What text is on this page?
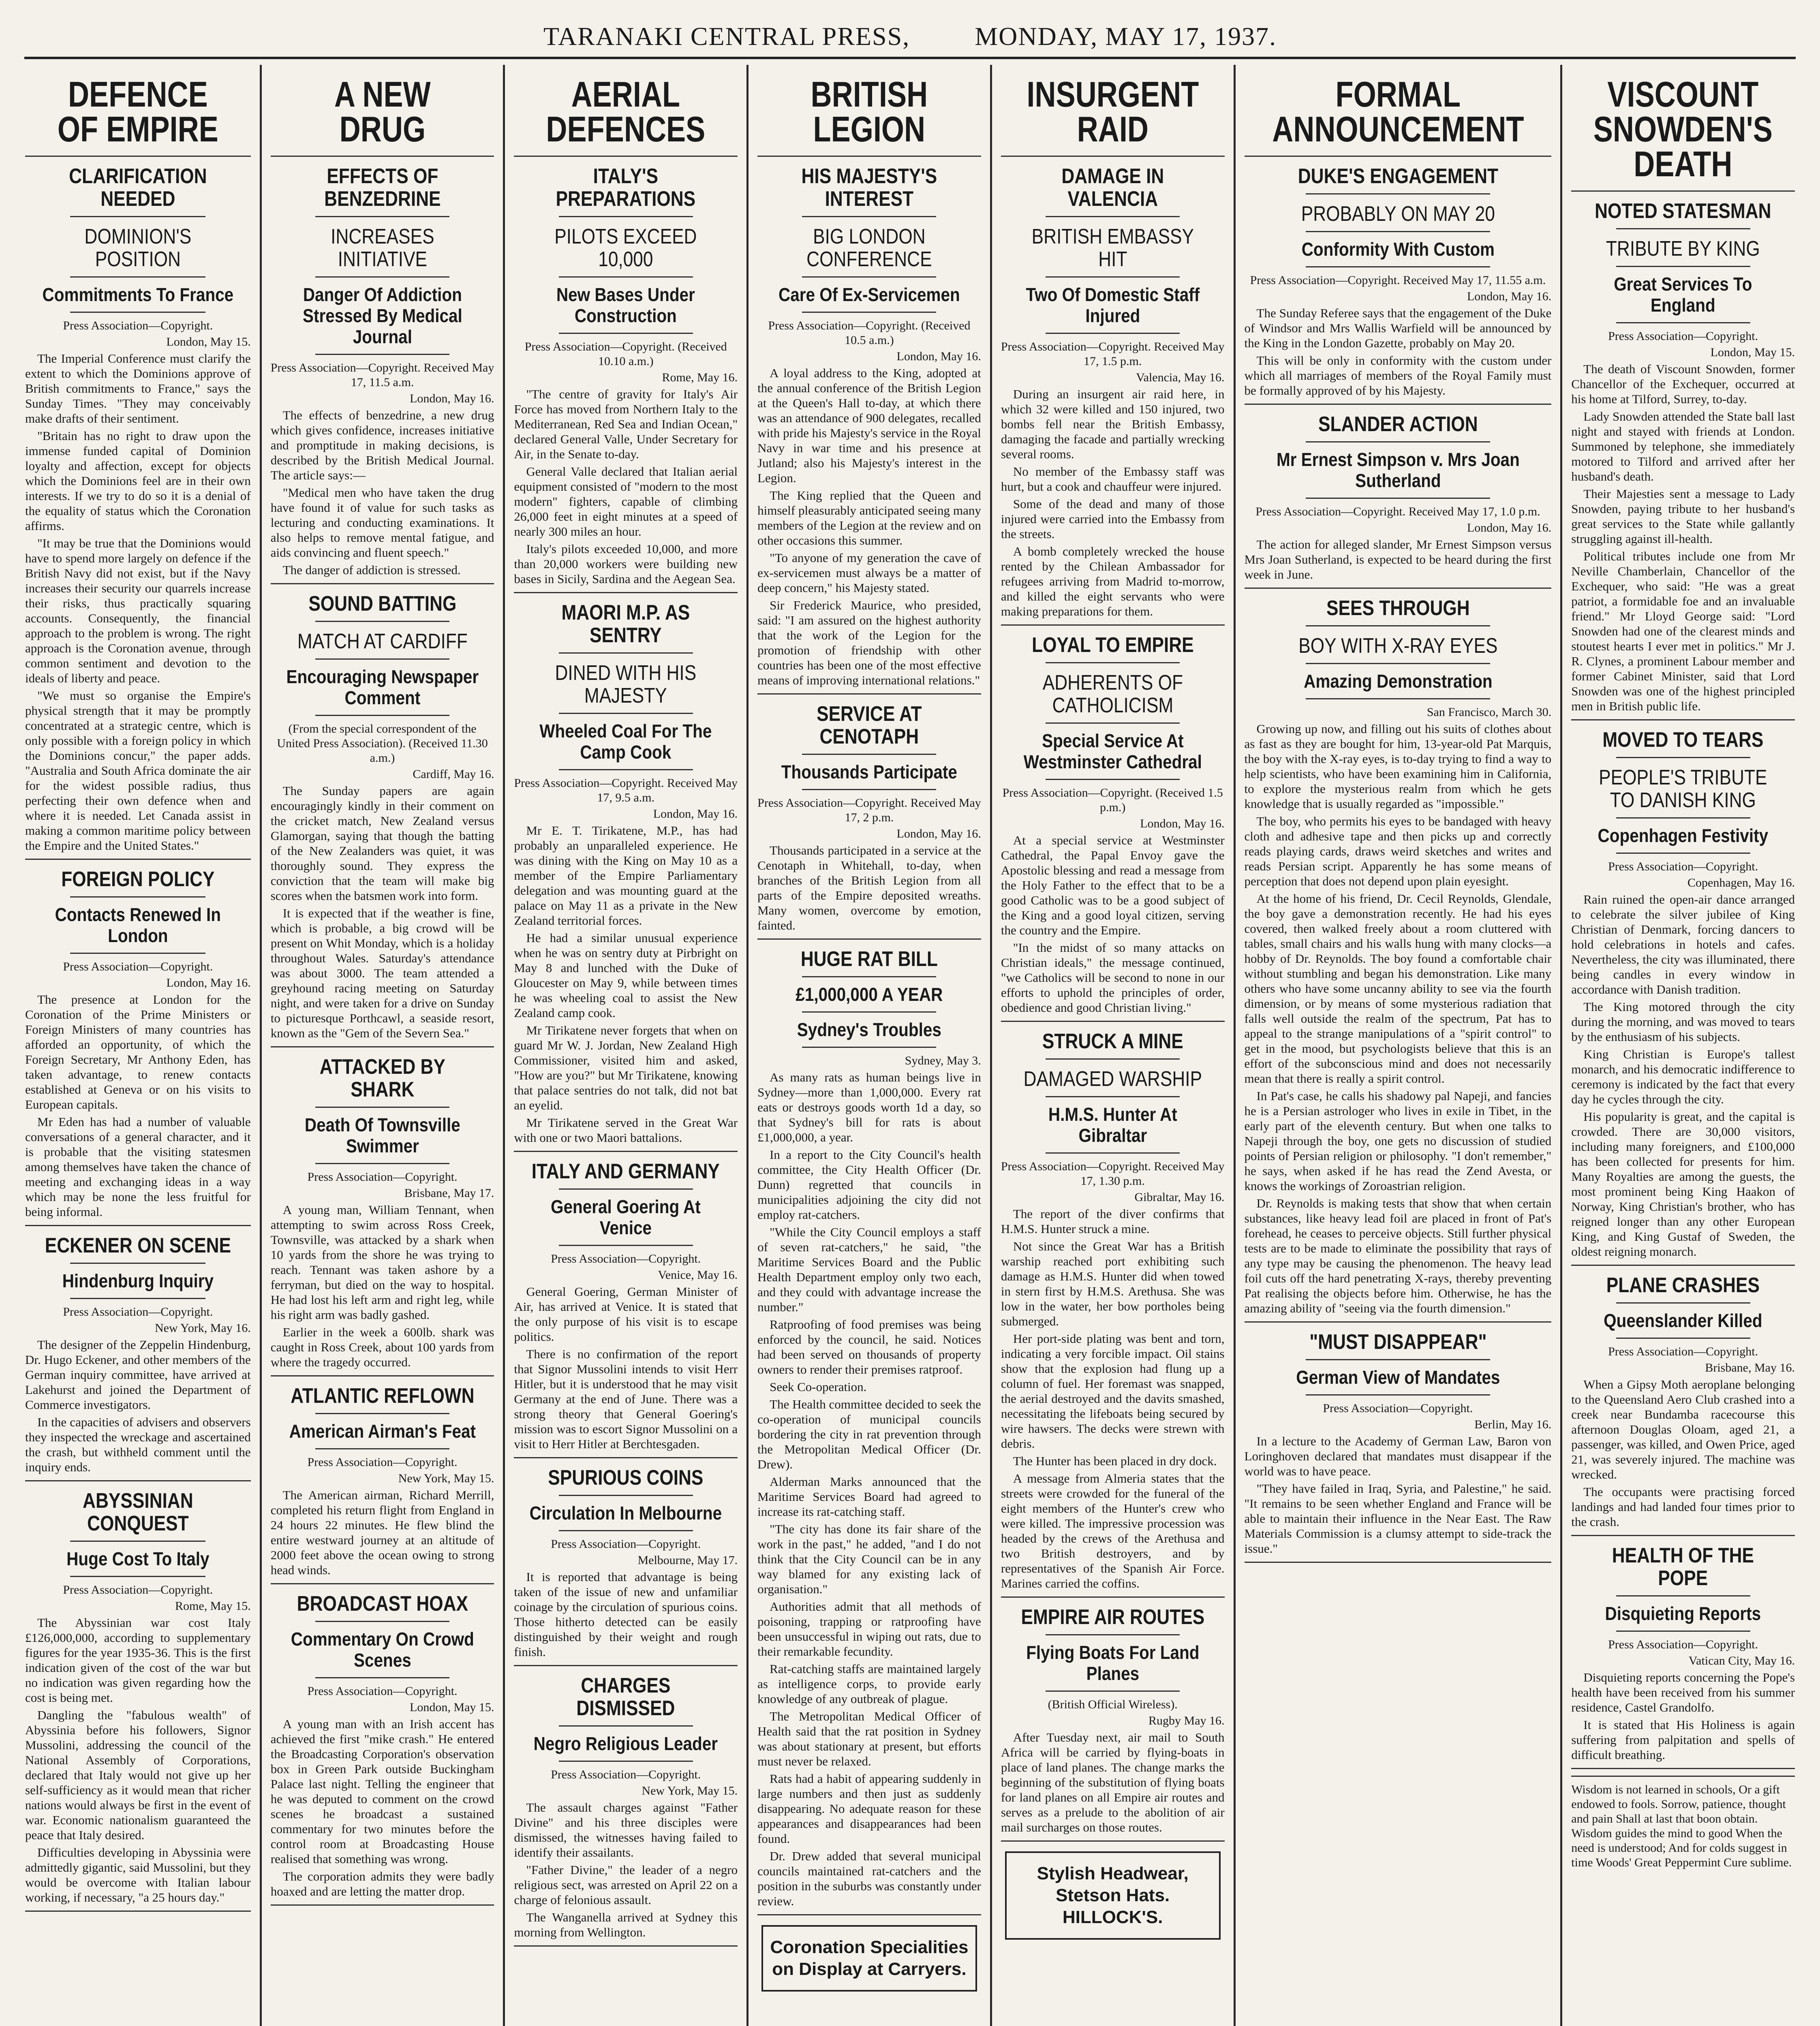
TARANAKI CENTRAL PRESS,	MONDAY, MAY 17, 1937.
DEFENCE OF EMPIRE
CLARIFICATION NEEDED
DOMINION'S POSITION
Commitments To France
Press Association—Copyright.
London, May 15.

The Imperial Conference must clarify the extent to which the Dominions approve of British commitments to France," says the Sunday Times. "They may conceivably make drafts of their sentiment.

"Britain has no right to draw upon the immense funded capital of Dominion loyalty and affection, except for objects which the Dominions feel are in their own interests. If we try to do so it is a denial of the equality of status which the Coronation affirms.

"It may be true that the Dominions would have to spend more largely on defence if the British Navy did not exist, but if the Navy increases their security our quarrels increase their risks, thus practically squaring accounts. Consequently, the financial approach to the problem is wrong. The right approach is the Coronation avenue, through common sentiment and devotion to the ideals of liberty and peace.

"We must so organise the Empire's physical strength that it may be promptly concentrated at a strategic centre, which is only possible with a foreign policy in which the Dominions concur," the paper adds. "Australia and South Africa dominate the air for the widest possible radius, thus perfecting their own defence when and where it is needed. Let Canada assist in making a common maritime policy between the Empire and the United States."

FOREIGN POLICY
Contacts Renewed In London
Press Association—Copyright.
London, May 16.

The presence at London for the Coronation of the Prime Ministers or Foreign Ministers of many countries has afforded an opportunity, of which the Foreign Secretary, Mr Anthony Eden, has taken advantage, to renew contacts established at Geneva or on his visits to European capitals.

Mr Eden has had a number of valuable conversations of a general character, and it is probable that the visiting statesmen among themselves have taken the chance of meeting and exchanging ideas in a way which may be none the less fruitful for being informal.

ECKENER ON SCENE
Hindenburg Inquiry
Press Association—Copyright.
New York, May 16.

The designer of the Zeppelin Hindenburg, Dr. Hugo Eckener, and other members of the German inquiry committee, have arrived at Lakehurst and joined the Department of Commerce investigators.

In the capacities of advisers and observers they inspected the wreckage and ascertained the crash, but withheld comment until the inquiry ends.

ABYSSINIAN CONQUEST
Huge Cost To Italy
Press Association—Copyright.
Rome, May 15.

The Abyssinian war cost Italy £126,000,000, according to supplementary figures for the year 1935-36. This is the first indication given of the cost of the war but no indication was given regarding how the cost is being met.

Dangling the "fabulous wealth" of Abyssinia before his followers, Signor Mussolini, addressing the council of the National Assembly of Corporations, declared that Italy would not give up her self-sufficiency as it would mean that richer nations would always be first in the event of war. Economic nationalism guaranteed the peace that Italy desired.

Difficulties developing in Abyssinia were admittedly gigantic, said Mussolini, but they would be overcome with Italian labour working, if necessary, "a 25 hours day."

A NEW DRUG
EFFECTS OF BENZEDRINE
INCREASES INITIATIVE
Danger Of Addiction Stressed By Medical Journal
Press Association—Copyright. Received May 17, 11.5 a.m.
London, May 16.

The effects of benzedrine, a new drug which gives confidence, increases initiative and promptitude in making decisions, is described by the British Medical Journal. The article says:—

"Medical men who have taken the drug have found it of value for such tasks as lecturing and conducting examinations. It also helps to remove mental fatigue, and aids convincing and fluent speech."

The danger of addiction is stressed.

SOUND BATTING
MATCH AT CARDIFF
Encouraging Newspaper Comment
(From the special correspondent of the United Press Association). (Received 11.30 a.m.)
Cardiff, May 16.

The Sunday papers are again encouragingly kindly in their comment on the cricket match, New Zealand versus Glamorgan, saying that though the batting of the New Zealanders was quiet, it was thoroughly sound. They express the conviction that the team will make big scores when the batsmen work into form.

It is expected that if the weather is fine, which is probable, a big crowd will be present on Whit Monday, which is a holiday throughout Wales. Saturday's attendance was about 3000. The team attended a greyhound racing meeting on Saturday night, and were taken for a drive on Sunday to picturesque Porthcawl, a seaside resort, known as the "Gem of the Severn Sea."

ATTACKED BY SHARK
Death Of Townsville Swimmer
Press Association—Copyright.
Brisbane, May 17.

A young man, William Tennant, when attempting to swim across Ross Creek, Townsville, was attacked by a shark when 10 yards from the shore he was trying to reach. Tennant was taken ashore by a ferryman, but died on the way to hospital. He had lost his left arm and right leg, while his right arm was badly gashed.

Earlier in the week a 600lb. shark was caught in Ross Creek, about 100 yards from where the tragedy occurred.

ATLANTIC REFLOWN
American Airman's Feat
Press Association—Copyright.
New York, May 15.

The American airman, Richard Merrill, completed his return flight from England in 24 hours 22 minutes. He flew blind the entire westward journey at an altitude of 2000 feet above the ocean owing to strong head winds.

BROADCAST HOAX
Commentary On Crowd Scenes
Press Association—Copyright.
London, May 15.

A young man with an Irish accent has achieved the first "mike crash." He entered the Broadcasting Corporation's observation box in Green Park outside Buckingham Palace last night. Telling the engineer that he was deputed to comment on the crowd scenes he broadcast a sustained commentary for two minutes before the control room at Broadcasting House realised that something was wrong.

The corporation admits they were badly hoaxed and are letting the matter drop.

AERIAL DEFENCES
ITALY'S PREPARATIONS
PILOTS EXCEED 10,000
New Bases Under Construction
Press Association—Copyright. (Received 10.10 a.m.)
Rome, May 16.

"The centre of gravity for Italy's Air Force has moved from Northern Italy to the Mediterranean, Red Sea and Indian Ocean," declared General Valle, Under Secretary for Air, in the Senate to-day.

General Valle declared that Italian aerial equipment consisted of "modern to the most modern" fighters, capable of climbing 26,000 feet in eight minutes at a speed of nearly 300 miles an hour.

Italy's pilots exceeded 10,000, and more than 20,000 workers were building new bases in Sicily, Sardina and the Aegean Sea.

MAORI M.P. AS SENTRY
DINED WITH HIS MAJESTY
Wheeled Coal For The Camp Cook
Press Association—Copyright. Received May 17, 9.5 a.m.
London, May 16.

Mr E. T. Tirikatene, M.P., has had probably an unparalleled experience. He was dining with the King on May 10 as a member of the Empire Parliamentary delegation and was mounting guard at the palace on May 11 as a private in the New Zealand territorial forces.

He had a similar unusual experience when he was on sentry duty at Pirbright on May 8 and lunched with the Duke of Gloucester on May 9, while between times he was wheeling coal to assist the New Zealand camp cook.

Mr Tirikatene never forgets that when on guard Mr W. J. Jordan, New Zealand High Commissioner, visited him and asked, "How are you?" but Mr Tirikatene, knowing that palace sentries do not talk, did not bat an eyelid.

Mr Tirikatene served in the Great War with one or two Maori battalions.

ITALY AND GERMANY
General Goering At Venice
Press Association—Copyright.
Venice, May 16.

General Goering, German Minister of Air, has arrived at Venice. It is stated that the only purpose of his visit is to escape politics.

There is no confirmation of the report that Signor Mussolini intends to visit Herr Hitler, but it is understood that he may visit Germany at the end of June. There was a strong theory that General Goering's mission was to escort Signor Mussolini on a visit to Herr Hitler at Berchtesgaden.

SPURIOUS COINS
Circulation In Melbourne
Press Association—Copyright.
Melbourne, May 17.

It is reported that advantage is being taken of the issue of new and unfamiliar coinage by the circulation of spurious coins. Those hitherto detected can be easily distinguished by their weight and rough finish.

CHARGES DISMISSED
Negro Religious Leader
Press Association—Copyright.
New York, May 15.

The assault charges against "Father Divine" and his three disciples were dismissed, the witnesses having failed to identify their assailants.

"Father Divine," the leader of a negro religious sect, was arrested on April 22 on a charge of felonious assault.

The Wanganella arrived at Sydney this morning from Wellington.

BRITISH LEGION
HIS MAJESTY'S INTEREST
BIG LONDON CONFERENCE
Care Of Ex-Servicemen
Press Association—Copyright. (Received 10.5 a.m.)
London, May 16.

A loyal address to the King, adopted at the annual conference of the British Legion at the Queen's Hall to-day, at which there was an attendance of 900 delegates, recalled with pride his Majesty's service in the Royal Navy in war time and his presence at Jutland; also his Majesty's interest in the Legion.

The King replied that the Queen and himself pleasurably anticipated seeing many members of the Legion at the review and on other occasions this summer.

"To anyone of my generation the cave of ex-servicemen must always be a matter of deep concern," his Majesty stated.

Sir Frederick Maurice, who presided, said: "I am assured on the highest authority that the work of the Legion for the promotion of friendship with other countries has been one of the most effective means of improving international relations."

SERVICE AT CENOTAPH
Thousands Participate
Press Association—Copyright. Received May 17, 2 p.m.
London, May 16.

Thousands participated in a service at the Cenotaph in Whitehall, to-day, when branches of the British Legion from all parts of the Empire deposited wreaths. Many women, overcome by emotion, fainted.

HUGE RAT BILL
£1,000,000 A YEAR
Sydney's Troubles
Sydney, May 3.

As many rats as human beings live in Sydney—more than 1,000,000. Every rat eats or destroys goods worth 1d a day, so that Sydney's bill for rats is about £1,000,000, a year.

In a report to the City Council's health committee, the City Health Officer (Dr. Dunn) regretted that councils in municipalities adjoining the city did not employ rat-catchers.

"While the City Council employs a staff of seven rat-catchers," he said, "the Maritime Services Board and the Public Health Department employ only two each, and they could with advantage increase the number."

Ratproofing of food premises was being enforced by the council, he said. Notices had been served on thousands of property owners to render their premises ratproof.

Seek Co-operation.

The Health committee decided to seek the co-operation of municipal councils bordering the city in rat prevention through the Metropolitan Medical Officer (Dr. Drew).

Alderman Marks announced that the Maritime Services Board had agreed to increase its rat-catching staff.

"The city has done its fair share of the work in the past," he added, "and I do not think that the City Council can be in any way blamed for any existing lack of organisation."

Authorities admit that all methods of poisoning, trapping or ratproofing have been unsuccessful in wiping out rats, due to their remarkable fecundity.

Rat-catching staffs are maintained largely as intelligence corps, to provide early knowledge of any outbreak of plague.

The Metropolitan Medical Officer of Health said that the rat position in Sydney was about stationary at present, but efforts must never be relaxed.

Rats had a habit of appearing suddenly in large numbers and then just as suddenly disappearing. No adequate reason for these appearances and disappearances had been found.

Dr. Drew added that several municipal councils maintained rat-catchers and the position in the suburbs was constantly under review.

Coronation Specialities on Display at Carryers.
INSURGENT RAID
DAMAGE IN VALENCIA
BRITISH EMBASSY HIT
Two Of Domestic Staff Injured
Press Association—Copyright. Received May 17, 1.5 p.m.
Valencia, May 16.

During an insurgent air raid here, in which 32 were killed and 150 injured, two bombs fell near the British Embassy, damaging the facade and partially wrecking several rooms.

No member of the Embassy staff was hurt, but a cook and chauffeur were injured.

Some of the dead and many of those injured were carried into the Embassy from the streets.

A bomb completely wrecked the house rented by the Chilean Ambassador for refugees arriving from Madrid to-morrow, and killed the eight servants who were making preparations for them.

LOYAL TO EMPIRE
ADHERENTS OF CATHOLICISM
Special Service At Westminster Cathedral
Press Association—Copyright. (Received 1.5 p.m.)
London, May 16.

At a special service at Westminster Cathedral, the Papal Envoy gave the Apostolic blessing and read a message from the Holy Father to the effect that to be a good Catholic was to be a good subject of the King and a good loyal citizen, serving the country and the Empire.

"In the midst of so many attacks on Christian ideals," the message continued, "we Catholics will be second to none in our efforts to uphold the principles of order, obedience and good Christian living."

STRUCK A MINE
DAMAGED WARSHIP
H.M.S. Hunter At Gibraltar
Press Association—Copyright. Received May 17, 1.30 p.m.
Gibraltar, May 16.

The report of the diver confirms that H.M.S. Hunter struck a mine.

Not since the Great War has a British warship reached port exhibiting such damage as H.M.S. Hunter did when towed in stern first by H.M.S. Arethusa. She was low in the water, her bow portholes being submerged.

Her port-side plating was bent and torn, indicating a very forcible impact. Oil stains show that the explosion had flung up a column of fuel. Her foremast was snapped, the aerial destroyed and the davits smashed, necessitating the lifeboats being secured by wire hawsers. The decks were strewn with debris.

The Hunter has been placed in dry dock.

A message from Almeria states that the streets were crowded for the funeral of the eight members of the Hunter's crew who were killed. The impressive procession was headed by the crews of the Arethusa and two British destroyers, and by representatives of the Spanish Air Force. Marines carried the coffins.

EMPIRE AIR ROUTES
Flying Boats For Land Planes
(British Official Wireless).
Rugby May 16.

After Tuesday next, air mail to South Africa will be carried by flying-boats in place of land planes. The change marks the beginning of the substitution of flying boats for land planes on all Empire air routes and serves as a prelude to the abolition of air mail surcharges on those routes.

Stylish Headwear, Stetson Hats. HILLOCK'S.
FORMAL ANNOUNCEMENT
DUKE'S ENGAGEMENT
PROBABLY ON MAY 20
Conformity With Custom
Press Association—Copyright. Received May 17, 11.55 a.m.
London, May 16.

The Sunday Referee says that the engagement of the Duke of Windsor and Mrs Wallis Warfield will be announced by the King in the London Gazette, probably on May 20.

This will be only in conformity with the custom under which all marriages of members of the Royal Family must be formally approved of by his Majesty.

SLANDER ACTION
Mr Ernest Simpson v. Mrs Joan Sutherland
Press Association—Copyright. Received May 17, 1.0 p.m.
London, May 16.

The action for alleged slander, Mr Ernest Simpson versus Mrs Joan Sutherland, is expected to be heard during the first week in June.

SEES THROUGH
BOY WITH X-RAY EYES
Amazing Demonstration
San Francisco, March 30.

Growing up now, and filling out his suits of clothes about as fast as they are bought for him, 13-year-old Pat Marquis, the boy with the X-ray eyes, is to-day trying to find a way to help scientists, who have been examining him in California, to explore the mysterious realm from which he gets knowledge that is usually regarded as "impossible."

The boy, who permits his eyes to be bandaged with heavy cloth and adhesive tape and then picks up and correctly reads playing cards, draws weird sketches and writes and reads Persian script. Apparently he has some means of perception that does not depend upon plain eyesight.

At the home of his friend, Dr. Cecil Reynolds, Glendale, the boy gave a demonstration recently. He had his eyes covered, then walked freely about a room cluttered with tables, small chairs and his walls hung with many clocks—a hobby of Dr. Reynolds. The boy found a comfortable chair without stumbling and began his demonstration. Like many others who have some uncanny ability to see via the fourth dimension, or by means of some mysterious radiation that falls well outside the realm of the spectrum, Pat has to appeal to the strange manipulations of a "spirit control" to get in the mood, but psychologists believe that this is an effort of the subconscious mind and does not necessarily mean that there is really a spirit control.

In Pat's case, he calls his shadowy pal Napeji, and fancies he is a Persian astrologer who lives in exile in Tibet, in the early part of the eleventh century. But when one talks to Napeji through the boy, one gets no discussion of studied points of Persian religion or philosophy. "I don't remember," he says, when asked if he has read the Zend Avesta, or knows the workings of Zoroastrian religion.

Dr. Reynolds is making tests that show that when certain substances, like heavy lead foil are placed in front of Pat's forehead, he ceases to perceive objects. Still further physical tests are to be made to eliminate the possibility that rays of any type may be causing the phenomenon. The heavy lead foil cuts off the hard penetrating X-rays, thereby preventing Pat realising the objects before him. Otherwise, he has the amazing ability of "seeing via the fourth dimension."

"MUST DISAPPEAR"
German View of Mandates
Press Association—Copyright.
Berlin, May 16.

In a lecture to the Academy of German Law, Baron von Loringhoven declared that mandates must disappear if the world was to have peace.

"They have failed in Iraq, Syria, and Palestine," he said. "It remains to be seen whether England and France will be able to maintain their influence in the Near East. The Raw Materials Commission is a clumsy attempt to side-track the issue."

VISCOUNT SNOWDEN'S DEATH
NOTED STATESMAN
TRIBUTE BY KING
Great Services To England
Press Association—Copyright.
London, May 15.

The death of Viscount Snowden, former Chancellor of the Exchequer, occurred at his home at Tilford, Surrey, to-day.

Lady Snowden attended the State ball last night and stayed with friends at London. Summoned by telephone, she immediately motored to Tilford and arrived after her husband's death.

Their Majesties sent a message to Lady Snowden, paying tribute to her husband's great services to the State while gallantly struggling against ill-health.

Political tributes include one from Mr Neville Chamberlain, Chancellor of the Exchequer, who said: "He was a great patriot, a formidable foe and an invaluable friend." Mr Lloyd George said: "Lord Snowden had one of the clearest minds and stoutest hearts I ever met in politics." Mr J. R. Clynes, a prominent Labour member and former Cabinet Minister, said that Lord Snowden was one of the highest principled men in British public life.

MOVED TO TEARS
PEOPLE'S TRIBUTE TO DANISH KING
Copenhagen Festivity
Press Association—Copyright.
Copenhagen, May 16.

Rain ruined the open-air dance arranged to celebrate the silver jubilee of King Christian of Denmark, forcing dancers to hold celebrations in hotels and cafes. Nevertheless, the city was illuminated, there being candles in every window in accordance with Danish tradition.

The King motored through the city during the morning, and was moved to tears by the enthusiasm of his subjects.

King Christian is Europe's tallest monarch, and his democratic indifference to ceremony is indicated by the fact that every day he cycles through the city.

His popularity is great, and the capital is crowded. There are 30,000 visitors, including many foreigners, and £100,000 has been collected for presents for him. Many Royalties are among the guests, the most prominent being King Haakon of Norway, King Christian's brother, who has reigned longer than any other European King, and King Gustaf of Sweden, the oldest reigning monarch.

PLANE CRASHES
Queenslander Killed
Press Association—Copyright.
Brisbane, May 16.

When a Gipsy Moth aeroplane belonging to the Queensland Aero Club crashed into a creek near Bundamba racecourse this afternoon Douglas Oloam, aged 21, a passenger, was killed, and Owen Price, aged 21, was severely injured. The machine was wrecked.

The occupants were practising forced landings and had landed four times prior to the crash.

HEALTH OF THE POPE
Disquieting Reports
Press Association—Copyright.
Vatican City, May 16.

Disquieting reports concerning the Pope's health have been received from his summer residence, Castel Grandolfo.

It is stated that His Holiness is again suffering from palpitation and spells of difficult breathing.

Wisdom is not learned in schools, Or a gift endowed to fools. Sorrow, patience, thought and pain Shall at last that boon obtain. Wisdom guides the mind to good When the need is understood; And for colds suggest in time Woods' Great Peppermint Cure sublime.
